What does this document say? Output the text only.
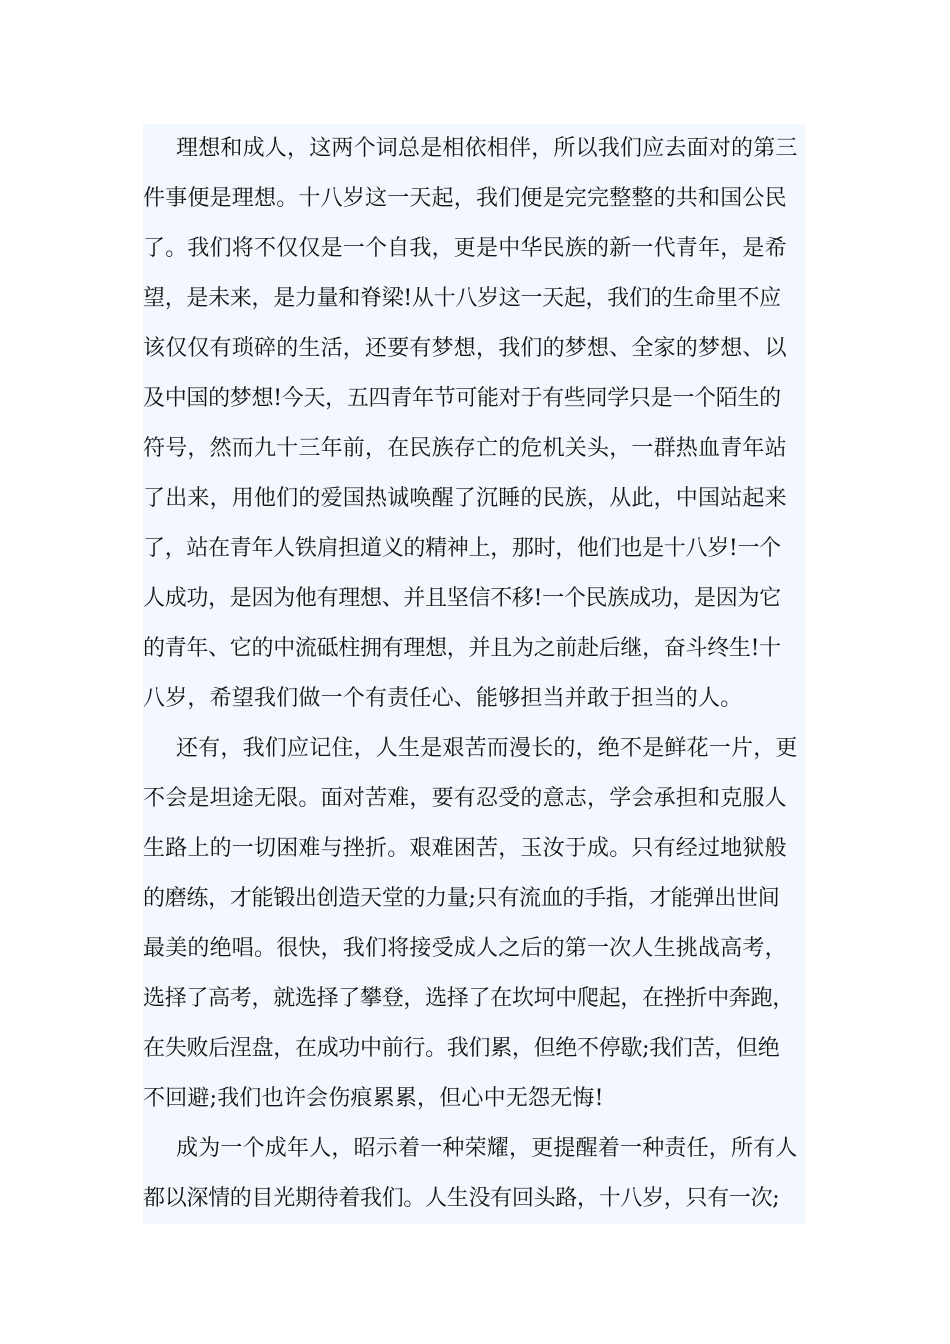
理想和成人，这两个词总是相依相伴，所以我们应去面对的第三
件事便是理想。十八岁这一天起，我们便是完完整整的共和国公民
了。我们将不仅仅是一个自我，更是中华民族的新一代青年，是希
望，是未来，是力量和脊梁!从十八岁这一天起，我们的生命里不应
该仅仅有琐碎的生活，还要有梦想，我们的梦想、全家的梦想、以
及中国的梦想!今天，五四青年节可能对于有些同学只是一个陌生的
符号，然而九十三年前，在民族存亡的危机关头，一群热血青年站
了出来，用他们的爱国热诚唤醒了沉睡的民族，从此，中国站起来
了，站在青年人铁肩担道义的精神上，那时，他们也是十八岁!一个
人成功，是因为他有理想、并且坚信不移!一个民族成功，是因为它
的青年、它的中流砥柱拥有理想，并且为之前赴后继，奋斗终生!十
八岁，希望我们做一个有责任心、能够担当并敢于担当的人。
还有，我们应记住，人生是艰苦而漫长的，绝不是鲜花一片，更
不会是坦途无限。面对苦难，要有忍受的意志，学会承担和克服人
生路上的一切困难与挫折。艰难困苦，玉汝于成。只有经过地狱般
的磨练，才能锻出创造天堂的力量;只有流血的手指，才能弹出世间
最美的绝唱。很快，我们将接受成人之后的第一次人生挑战高考，
选择了高考，就选择了攀登，选择了在坎坷中爬起，在挫折中奔跑，
在失败后涅盘，在成功中前行。我们累，但绝不停歇;我们苦，但绝
不回避;我们也许会伤痕累累，但心中无怨无悔!
成为一个成年人，昭示着一种荣耀，更提醒着一种责任，所有人
都以深情的目光期待着我们。人生没有回头路，十八岁，只有一次;
